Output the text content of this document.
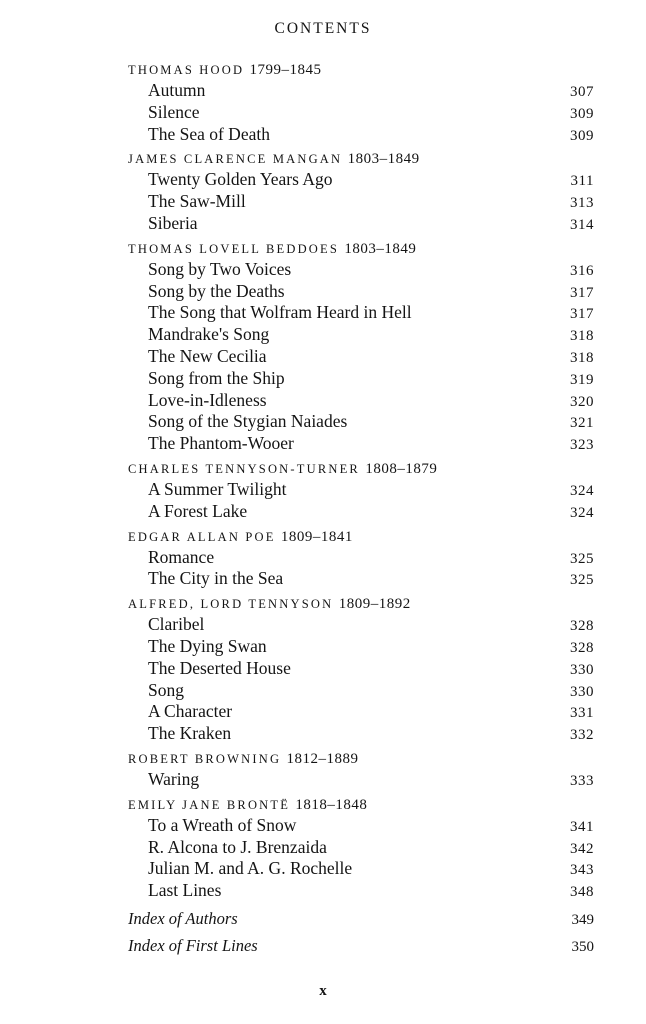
CONTENTS
THOMAS HOOD 1799–1845
Autumn	307
Silence	309
The Sea of Death	309
JAMES CLARENCE MANGAN 1803–1849
Twenty Golden Years Ago	311
The Saw-Mill	313
Siberia	314
THOMAS LOVELL BEDDOES 1803–1849
Song by Two Voices	316
Song by the Deaths	317
The Song that Wolfram Heard in Hell	317
Mandrake's Song	318
The New Cecilia	318
Song from the Ship	319
Love-in-Idleness	320
Song of the Stygian Naiades	321
The Phantom-Wooer	323
CHARLES TENNYSON-TURNER 1808–1879
A Summer Twilight	324
A Forest Lake	324
EDGAR ALLAN POE 1809–1841
Romance	325
The City in the Sea	325
ALFRED, LORD TENNYSON 1809–1892
Claribel	328
The Dying Swan	328
The Deserted House	330
Song	330
A Character	331
The Kraken	332
ROBERT BROWNING 1812–1889
Waring	333
EMILY JANE BRONTË 1818–1848
To a Wreath of Snow	341
R. Alcona to J. Brenzaida	342
Julian M. and A. G. Rochelle	343
Last Lines	348
Index of Authors	349
Index of First Lines	350
x
